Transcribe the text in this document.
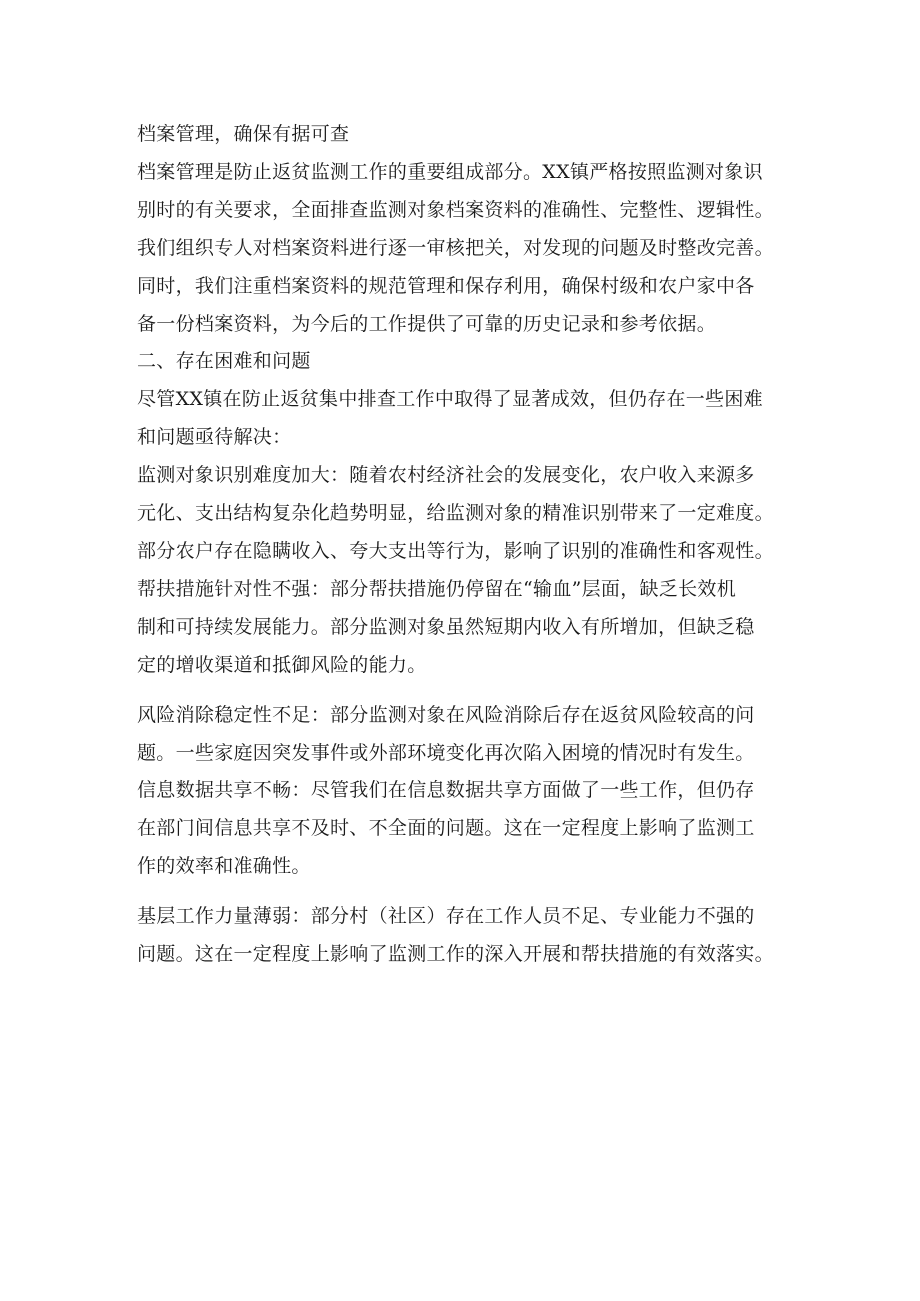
档案管理，确保有据可查
档案管理是防止返贫监测工作的重要组成部分。XX镇严格按照监测对象识
别时的有关要求，全面排查监测对象档案资料的准确性、完整性、逻辑性。
我们组织专人对档案资料进行逐一审核把关，对发现的问题及时整改完善。
同时，我们注重档案资料的规范管理和保存利用，确保村级和农户家中各
备一份档案资料，为今后的工作提供了可靠的历史记录和参考依据。
二、存在困难和问题
尽管XX镇在防止返贫集中排查工作中取得了显著成效，但仍存在一些困难
和问题亟待解决：
监测对象识别难度加大：随着农村经济社会的发展变化，农户收入来源多
元化、支出结构复杂化趋势明显，给监测对象的精准识别带来了一定难度。
部分农户存在隐瞒收入、夸大支出等行为，影响了识别的准确性和客观性。
帮扶措施针对性不强：部分帮扶措施仍停留在“输血”层面，缺乏长效机
制和可持续发展能力。部分监测对象虽然短期内收入有所增加，但缺乏稳
定的增收渠道和抵御风险的能力。
风险消除稳定性不足：部分监测对象在风险消除后存在返贫风险较高的问
题。一些家庭因突发事件或外部环境变化再次陷入困境的情况时有发生。
信息数据共享不畅：尽管我们在信息数据共享方面做了一些工作，但仍存
在部门间信息共享不及时、不全面的问题。这在一定程度上影响了监测工
作的效率和准确性。
基层工作力量薄弱：部分村（社区）存在工作人员不足、专业能力不强的
问题。这在一定程度上影响了监测工作的深入开展和帮扶措施的有效落实。
